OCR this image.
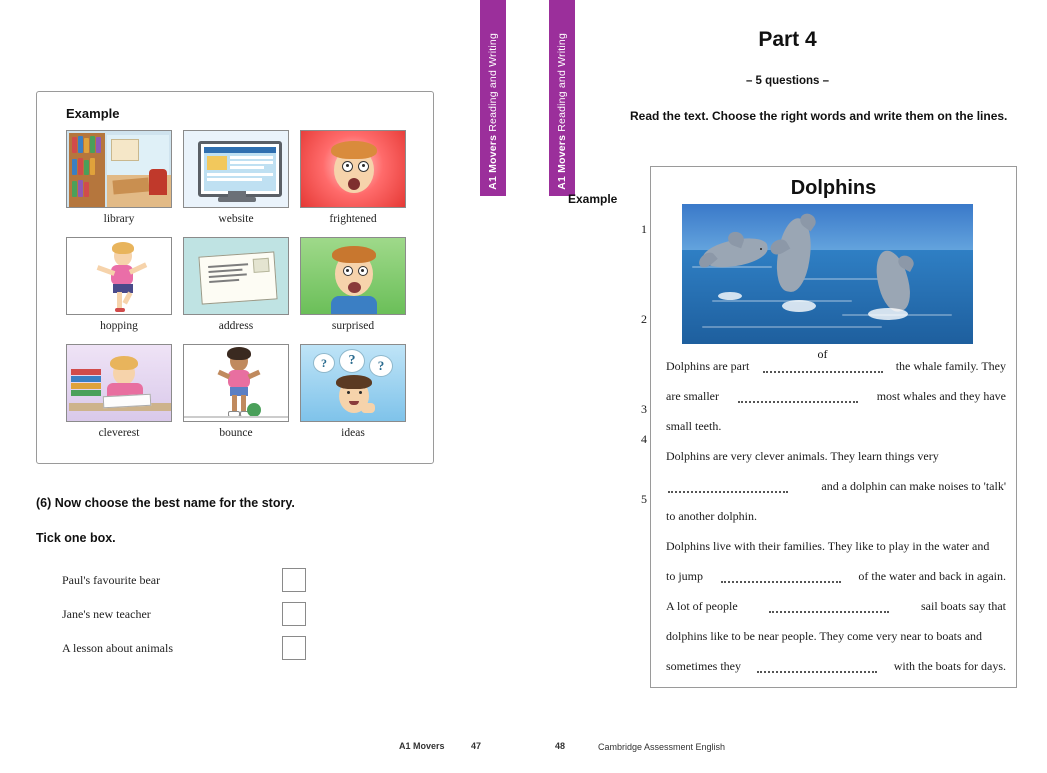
A1 Movers Reading and Writing
Example
library	website	frightened
hopping	address	surprised
cleverest	bounce
?	?	?
ideas
(6) Now choose the best name for the story.
Tick one box.
Paul's favourite bear
Jane's new teacher
A lesson about animals
A1 Movers	47
A1 Movers Reading and Writing	Part 4
– 5 questions –
Read the text. Choose the right words and write them on the lines.
Example
1
2
3
4
5
Dolphins
Dolphins are part of	the whale family. They
are smaller	most whales and they have
small teeth.
Dolphins are very clever animals. They learn things very
and a dolphin can make noises to 'talk'
to another dolphin.
Dolphins live with their families. They like to play in the water and
to jump	of the water and back in again.
A lot of people	sail boats say that
dolphins like to be near people. They come very near to boats and
sometimes they	with the boats for days.
48	Cambridge Assessment English
